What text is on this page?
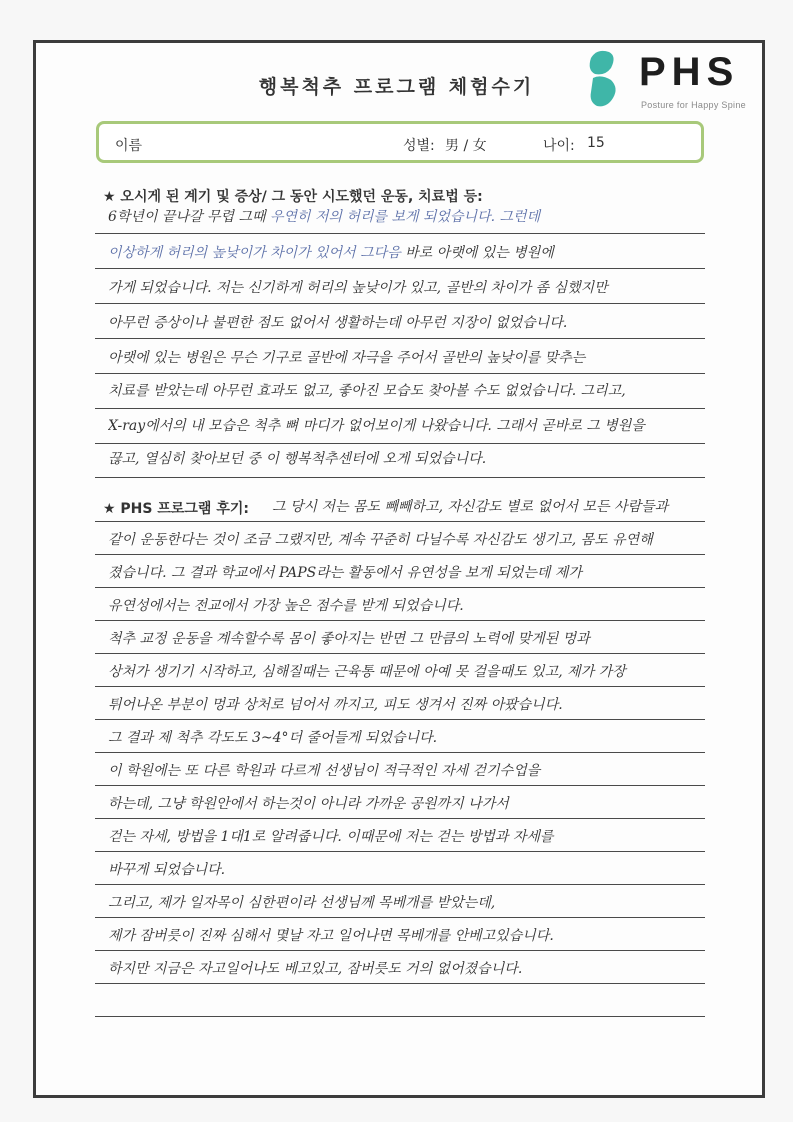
행복척추 프로그램 체험수기	PHS
Posture for Happy Spine
이름	성별: 男 / 女	나이: 15
★ 오시게 된 계기 및 증상/ 그 동안 시도했던 운동, 치료법 등:
6학년이 끝나갈 무렵 그때 우연히 저의 허리를 보게 되었습니다. 그런데
이상하게 허리의 높낮이가 차이가 있어서 그다음 바로 아랫에 있는 병원에
가게 되었습니다. 저는 신기하게 허리의 높낮이가 있고, 골반의 차이가 좀 심했지만
아무런 증상이나 불편한 점도 없어서 생활하는데 아무런 지장이 없었습니다.
아랫에 있는 병원은 무슨 기구로 골반에 자극을 주어서 골반의 높낮이를 맞추는
치료를 받았는데 아무런 효과도 없고, 좋아진 모습도 찾아볼 수도 없었습니다. 그리고,
X-ray에서의 내 모습은 척추 뼈 마디가 없어보이게 나왔습니다. 그래서 곧바로 그 병원을
끊고, 열심히 찾아보던 중 이 행복척추센터에 오게 되었습니다.
★ PHS 프로그램 후기:	그 당시 저는 몸도 빼빼하고, 자신감도 별로 없어서 모든 사람들과
같이 운동한다는 것이 조금 그랬지만, 계속 꾸준히 다닐수록 자신감도 생기고, 몸도 유연해
졌습니다. 그 결과 학교에서 PAPS라는 활동에서 유연성을 보게 되었는데 제가
유연성에서는 전교에서 가장 높은 점수를 받게 되었습니다.
척추 교정 운동을 계속할수록 몸이 좋아지는 반면 그 만큼의 노력에 맞게된 멍과
상처가 생기기 시작하고, 심해질때는 근육통 때문에 아예 못 걸을때도 있고, 제가 가장
튀어나온 부분이 멍과 상처로 넘어서 까지고, 피도 생겨서 진짜 아팠습니다.
그 결과 제 척추 각도도 3~4°더 줄어들게 되었습니다.
이 학원에는 또 다른 학원과 다르게 선생님이 적극적인 자세 걷기수업을
하는데, 그냥 학원안에서 하는것이 아니라 가까운 공원까지 나가서
걷는 자세, 방법을 1대1로 알려줍니다. 이때문에 저는 걷는 방법과 자세를
바꾸게 되었습니다.
그리고, 제가 일자목이 심한편이라 선생님께 목베개를 받았는데,
제가 잠버릇이 진짜 심해서 몇날 자고 일어나면 목베개를 안베고있습니다.
하지만 지금은 자고일어나도 베고있고, 잠버릇도 거의 없어졌습니다.
